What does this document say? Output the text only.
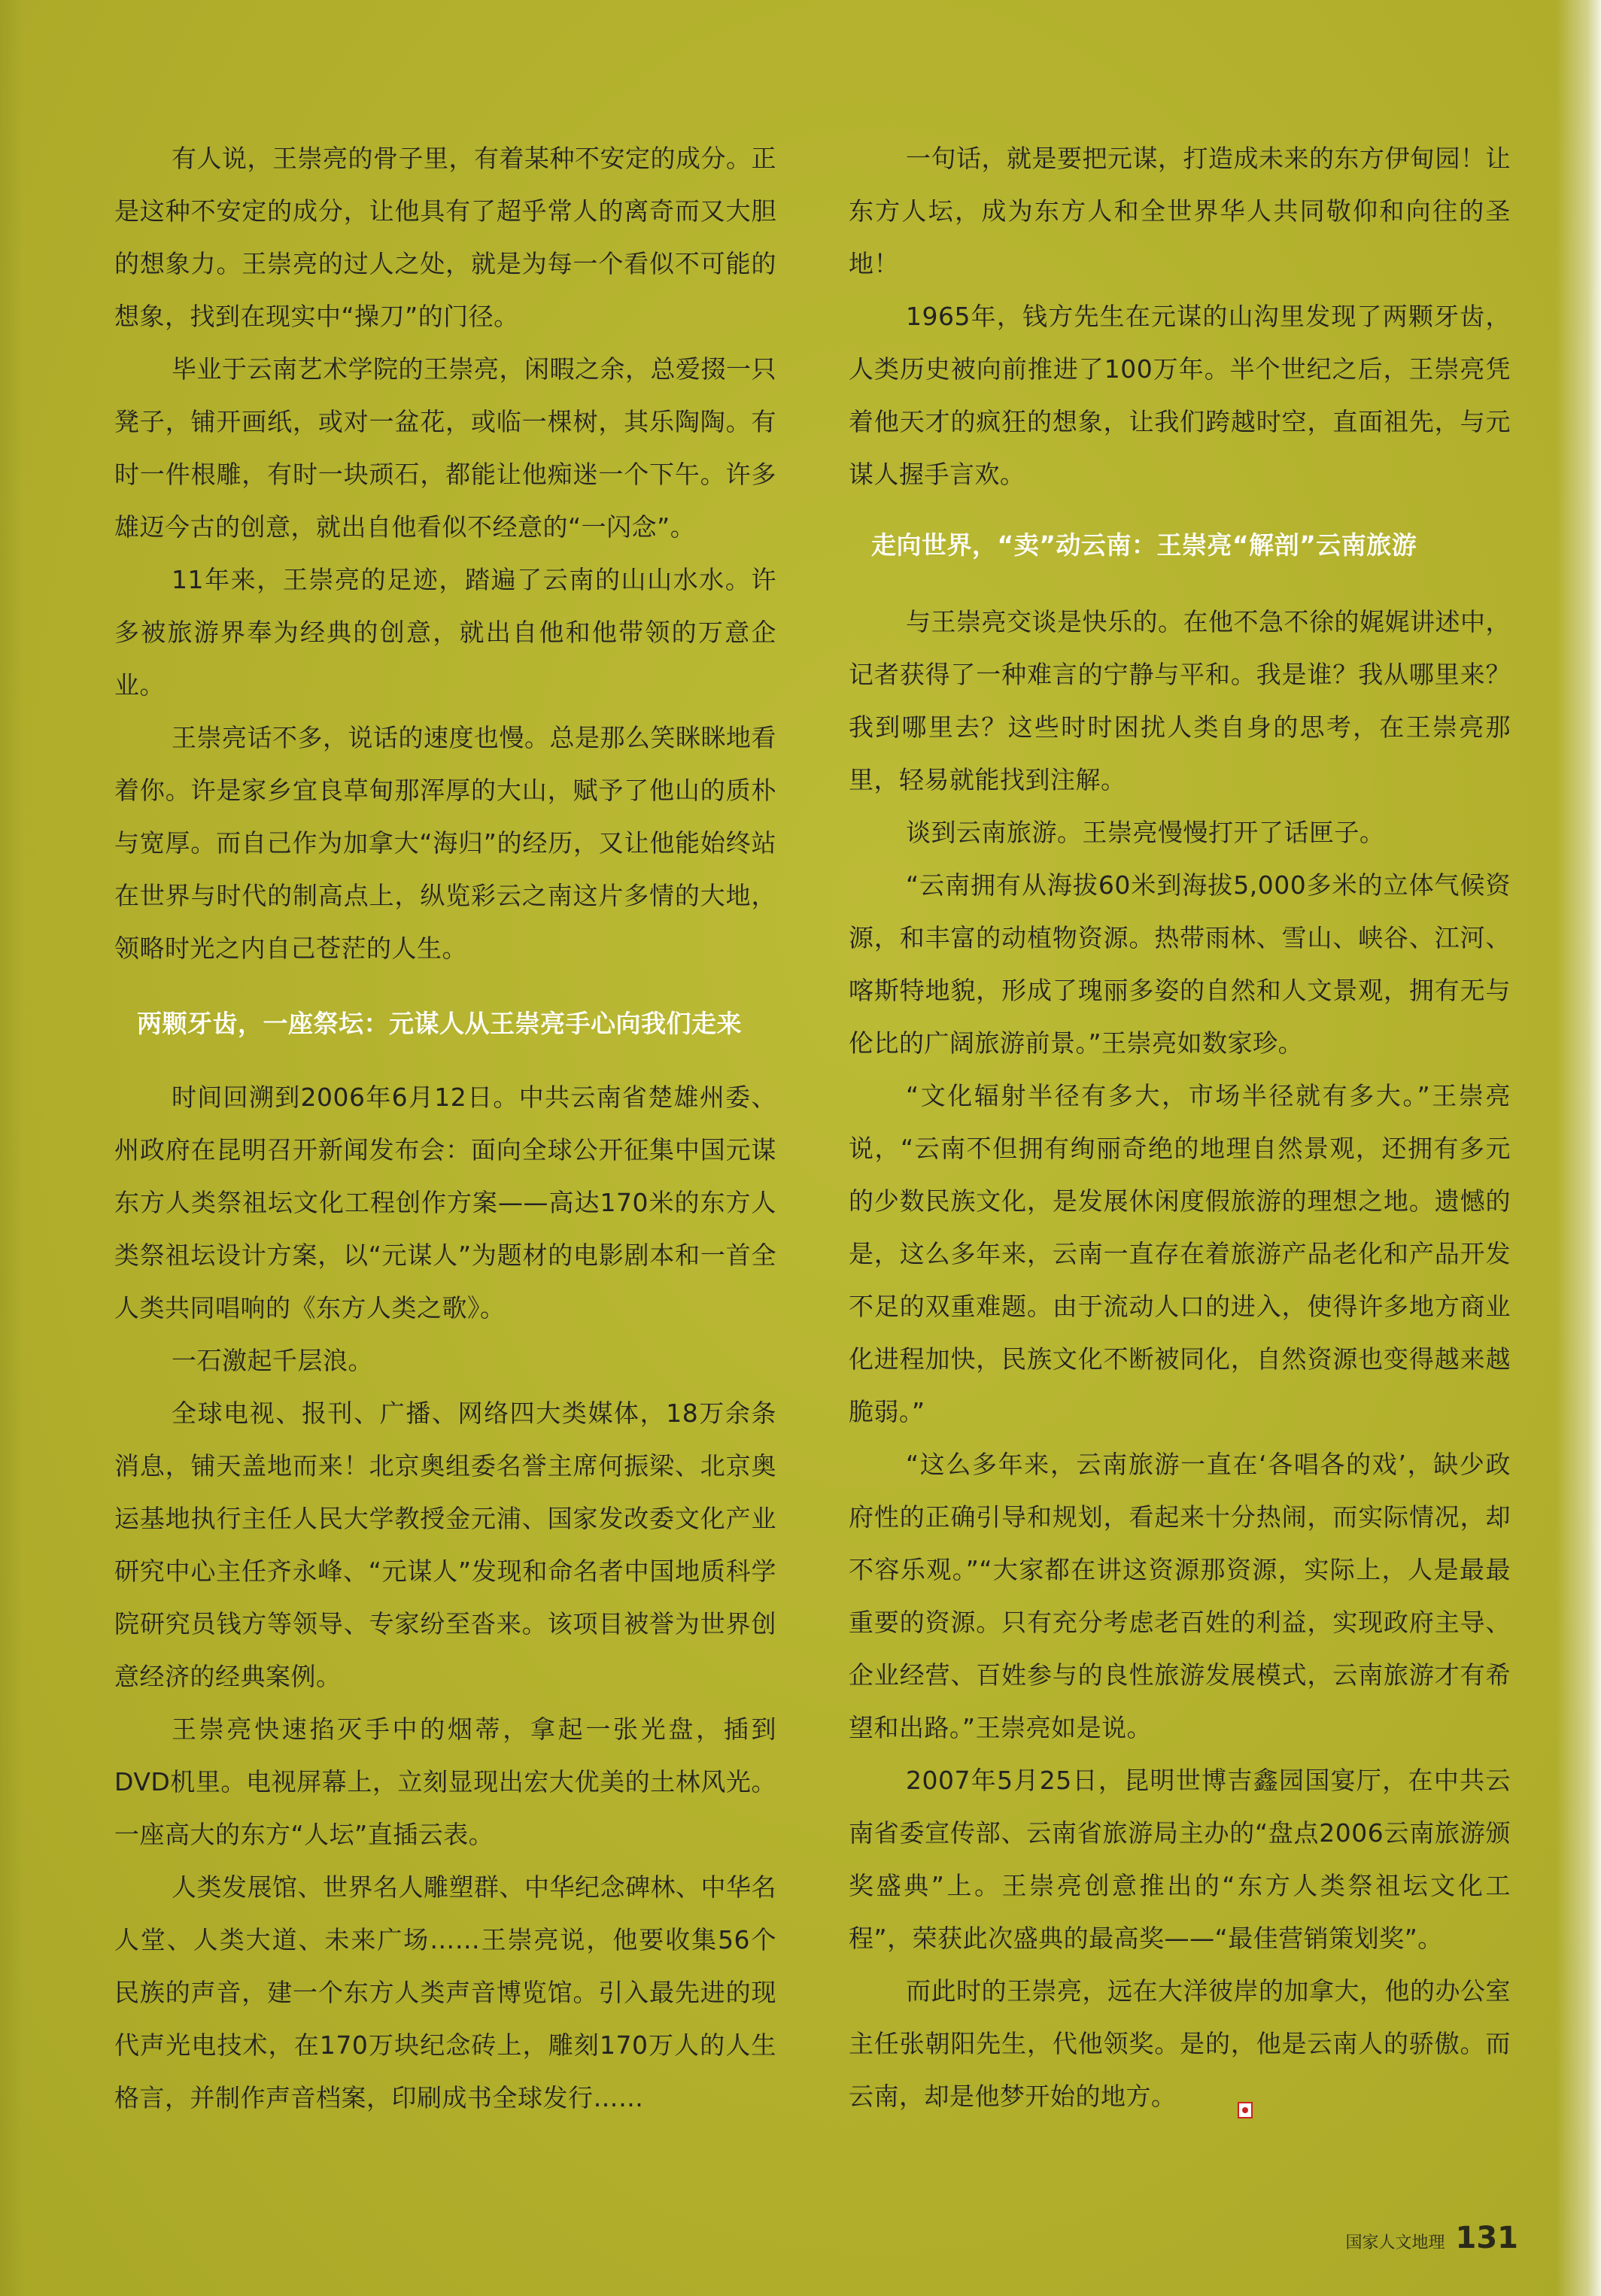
有人说，王崇亮的骨子里，有着某种不安定的成分。正是这种不安定的成分，让他具有了超乎常人的离奇而又大胆的想象力。王崇亮的过人之处，就是为每一个看似不可能的想象，找到在现实中“操刀”的门径。

毕业于云南艺术学院的王崇亮，闲暇之余，总爱掇一只凳子，铺开画纸，或对一盆花，或临一棵树，其乐陶陶。有时一件根雕，有时一块顽石，都能让他痴迷一个下午。许多雄迈今古的创意，就出自他看似不经意的“一闪念”。

11年来，王崇亮的足迹，踏遍了云南的山山水水。许多被旅游界奉为经典的创意，就出自他和他带领的万意企业。

王崇亮话不多，说话的速度也慢。总是那么笑眯眯地看着你。许是家乡宜良草甸那浑厚的大山，赋予了他山的质朴与宽厚。而自己作为加拿大“海归”的经历，又让他能始终站在世界与时代的制高点上，纵览彩云之南这片多情的大地，领略时光之内自己苍茫的人生。

两颗牙齿，一座祭坛：元谋人从王崇亮手心向我们走来

时间回溯到2006年6月12日。中共云南省楚雄州委、州政府在昆明召开新闻发布会：面向全球公开征集中国元谋东方人类祭祖坛文化工程创作方案——高达170米的东方人类祭祖坛设计方案，以“元谋人”为题材的电影剧本和一首全人类共同唱响的《东方人类之歌》。

一石激起千层浪。

全球电视、报刊、广播、网络四大类媒体，18万余条消息，铺天盖地而来！北京奥组委名誉主席何振梁、北京奥运基地执行主任人民大学教授金元浦、国家发改委文化产业研究中心主任齐永峰、“元谋人”发现和命名者中国地质科学院研究员钱方等领导、专家纷至沓来。该项目被誉为世界创意经济的经典案例。

王崇亮快速掐灭手中的烟蒂，拿起一张光盘，插到DVD机里。电视屏幕上，立刻显现出宏大优美的土林风光。一座高大的东方“人坛”直插云表。

人类发展馆、世界名人雕塑群、中华纪念碑林、中华名人堂、人类大道、未来广场……王崇亮说，他要收集56个民族的声音，建一个东方人类声音博览馆。引入最先进的现代声光电技术，在170万块纪念砖上，雕刻170万人的人生格言，并制作声音档案，印刷成书全球发行……

一句话，就是要把元谋，打造成未来的东方伊甸园！让东方人坛，成为东方人和全世界华人共同敬仰和向往的圣地！

1965年，钱方先生在元谋的山沟里发现了两颗牙齿，人类历史被向前推进了100万年。半个世纪之后，王崇亮凭着他天才的疯狂的想象，让我们跨越时空，直面祖先，与元谋人握手言欢。

走向世界，“卖”动云南：王崇亮“解剖”云南旅游

与王崇亮交谈是快乐的。在他不急不徐的娓娓讲述中，记者获得了一种难言的宁静与平和。我是谁？我从哪里来？我到哪里去？这些时时困扰人类自身的思考，在王崇亮那里，轻易就能找到注解。

谈到云南旅游。王崇亮慢慢打开了话匣子。

“云南拥有从海拔60米到海拔5,000多米的立体气候资源，和丰富的动植物资源。热带雨林、雪山、峡谷、江河、喀斯特地貌，形成了瑰丽多姿的自然和人文景观，拥有无与伦比的广阔旅游前景。”王崇亮如数家珍。

“文化辐射半径有多大，市场半径就有多大。”王崇亮说，“云南不但拥有绚丽奇绝的地理自然景观，还拥有多元的少数民族文化，是发展休闲度假旅游的理想之地。遗憾的是，这么多年来，云南一直存在着旅游产品老化和产品开发不足的双重难题。由于流动人口的进入，使得许多地方商业化进程加快，民族文化不断被同化，自然资源也变得越来越脆弱。”

“这么多年来，云南旅游一直在‘各唱各的戏’，缺少政府性的正确引导和规划，看起来十分热闹，而实际情况，却不容乐观。”“大家都在讲这资源那资源，实际上，人是最最重要的资源。只有充分考虑老百姓的利益，实现政府主导、企业经营、百姓参与的良性旅游发展模式，云南旅游才有希望和出路。”王崇亮如是说。

2007年5月25日，昆明世博吉鑫园国宴厅，在中共云南省委宣传部、云南省旅游局主办的“盘点2006云南旅游颁奖盛典”上。王崇亮创意推出的“东方人类祭祖坛文化工程”，荣获此次盛典的最高奖——“最佳营销策划奖”。

而此时的王崇亮，远在大洋彼岸的加拿大，他的办公室主任张朝阳先生，代他领奖。是的，他是云南人的骄傲。而云南，却是他梦开始的地方。

国家人文地理 131
